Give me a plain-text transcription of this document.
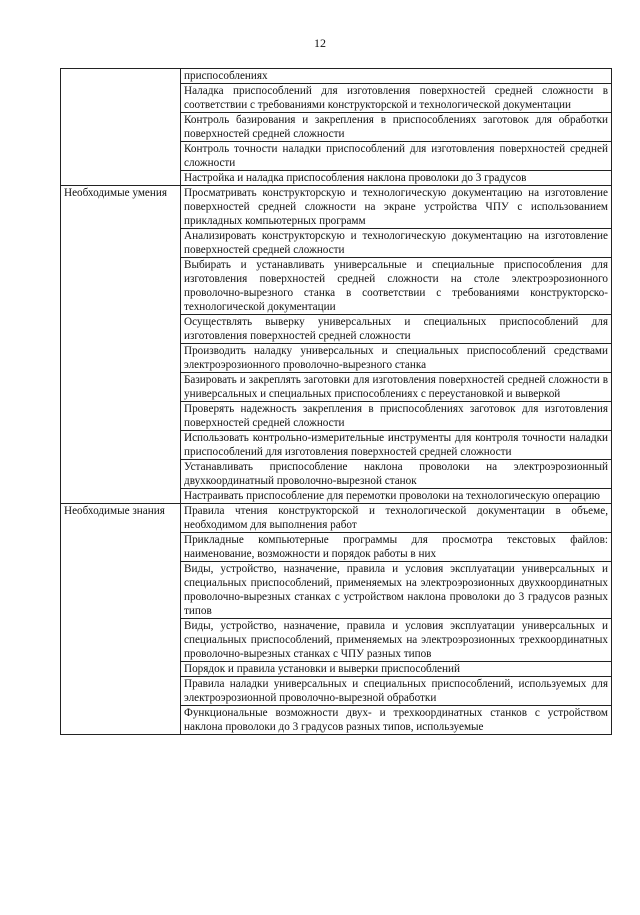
12
	приспособлениях
	Наладка приспособлений для изготовления поверхностей средней сложности в соответствии с требованиями конструкторской и технологической документации
	Контроль базирования и закрепления в приспособлениях заготовок для обработки поверхностей средней сложности
	Контроль точности наладки приспособлений для изготовления поверхностей средней сложности
	Настройка и наладка приспособления наклона проволоки до 3 градусов
Необходимые умения	Просматривать конструкторскую и технологическую документацию на изготовление поверхностей средней сложности на экране устройства ЧПУ с использованием прикладных компьютерных программ
	Анализировать конструкторскую и технологическую документацию на изготовление поверхностей средней сложности
	Выбирать и устанавливать универсальные и специальные приспособления для изготовления поверхностей средней сложности на столе электроэрозионного проволочно-вырезного станка в соответствии с требованиями конструкторско-технологической документации
	Осуществлять выверку универсальных и специальных приспособлений для изготовления поверхностей средней сложности
	Производить наладку универсальных и специальных приспособлений средствами электроэрозионного проволочно-вырезного станка
	Базировать и закреплять заготовки для изготовления поверхностей средней сложности в универсальных и специальных приспособлениях с переустановкой и выверкой
	Проверять надежность закрепления в приспособлениях заготовок для изготовления поверхностей средней сложности
	Использовать контрольно-измерительные инструменты для контроля точности наладки приспособлений для изготовления поверхностей средней сложности
	Устанавливать приспособление наклона проволоки на электроэрозионный двухкоординатный проволочно-вырезной станок
	Настраивать приспособление для перемотки проволоки на технологическую операцию
Необходимые знания	Правила чтения конструкторской и технологической документации в объеме, необходимом для выполнения работ
	Прикладные компьютерные программы для просмотра текстовых файлов: наименование, возможности и порядок работы в них
	Виды, устройство, назначение, правила и условия эксплуатации универсальных и специальных приспособлений, применяемых на электроэрозионных двухкоординатных проволочно-вырезных станках с устройством наклона проволоки до 3 градусов разных типов
	Виды, устройство, назначение, правила и условия эксплуатации универсальных и специальных приспособлений, применяемых на электроэрозионных трехкоординатных проволочно-вырезных станках с ЧПУ разных типов
	Порядок и правила установки и выверки приспособлений
	Правила наладки универсальных и специальных приспособлений, используемых для электроэрозионной проволочно-вырезной обработки
	Функциональные возможности двух- и трехкоординатных станков с устройством наклона проволоки до 3 градусов разных типов, используемые
